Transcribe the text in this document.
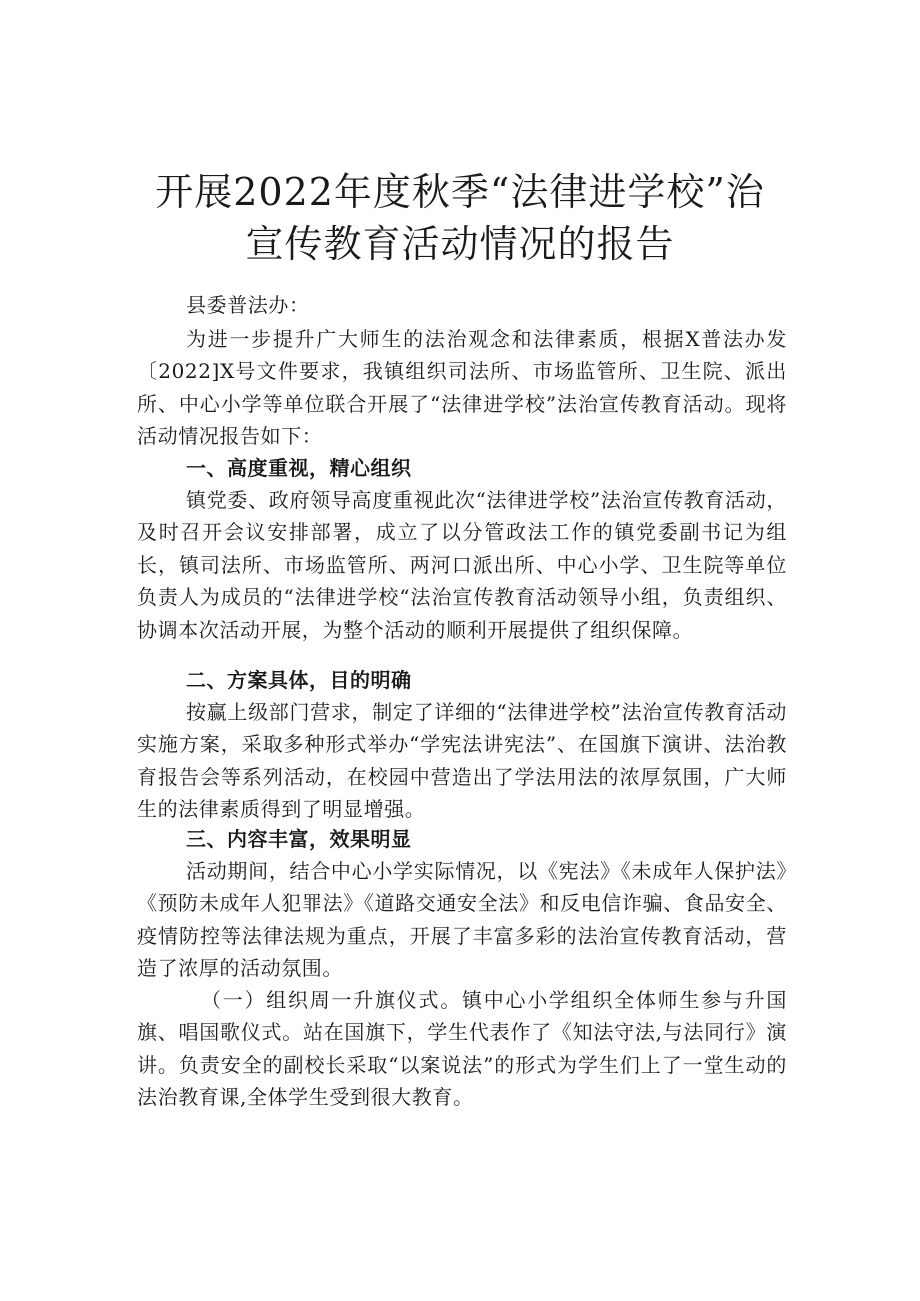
开展2022年度秋季“法律进学校”治
宣传教育活动情况的报告
县委普法办：
为进一步提升广大师生的法治观念和法律素质，根据X普法办发〔2022]X号文件要求，我镇组织司法所、市场监管所、卫生院、派出所、中心小学等单位联合开展了“法律进学校”法治宣传教育活动。现将活动情况报告如下：
一、高度重视，精心组织
镇党委、政府领导高度重视此次“法律进学校”法治宣传教育活动，及时召开会议安排部署，成立了以分管政法工作的镇党委副书记为组长，镇司法所、市场监管所、两河口派出所、中心小学、卫生院等单位负责人为成员的“法律进学校“法治宣传教育活动领导小组，负责组织、协调本次活动开展，为整个活动的顺利开展提供了组织保障。
二、方案具体，目的明确
按赢上级部门营求，制定了详细的“法律进学校”法治宣传教育活动实施方案，采取多种形式举办“学宪法讲宪法”、在国旗下演讲、法治教育报告会等系列活动，在校园中营造出了学法用法的浓厚氛围，广大师生的法律素质得到了明显增强。
三、内容丰富，效果明显
活动期间，结合中心小学实际情况，以《宪法》《未成年人保护法》《预防未成年人犯罪法》《道路交通安全法》和反电信诈骗、食品安全、疫情防控等法律法规为重点，开展了丰富多彩的法治宣传教育活动，营造了浓厚的活动氛围。
（一）组织周一升旗仪式。镇中心小学组织全体师生参与升国旗、唱国歌仪式。站在国旗下，学生代表作了《知法守法,与法同行》演讲。负责安全的副校长采取“以案说法”的形式为学生们上了一堂生动的法治教育课,全体学生受到很大教育。
